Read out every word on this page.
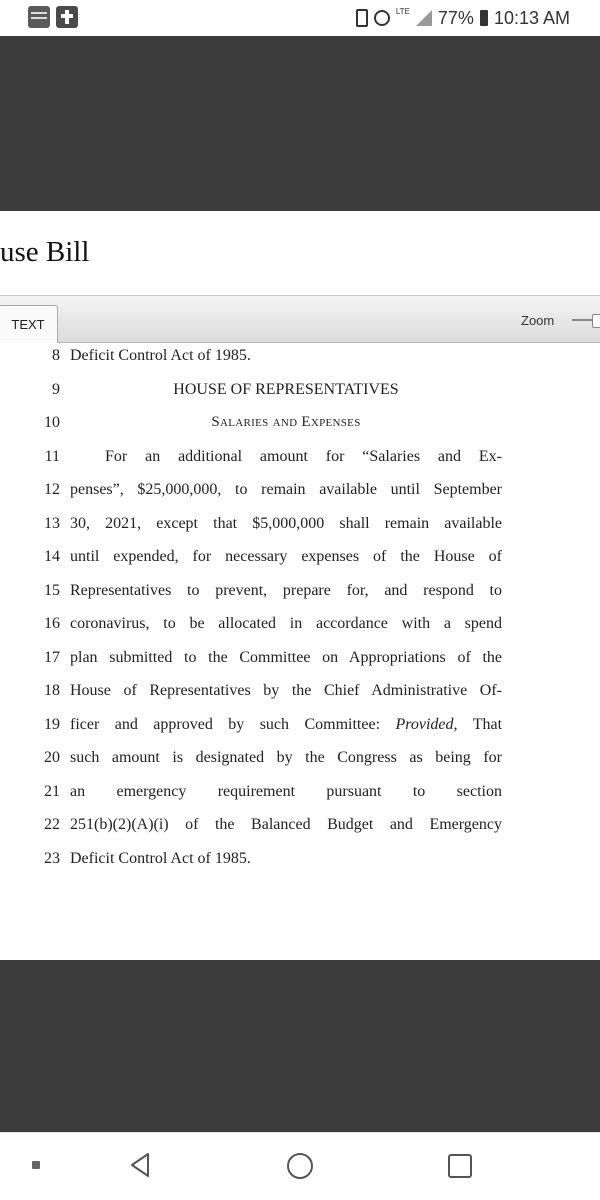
LTE 77% 10:13 AM
use Bill
TEXT	Zoom
8 Deficit Control Act of 1985.
9	HOUSE OF REPRESENTATIVES
10	Salaries and Expenses
11	For an additional amount for “Salaries and Ex-
12 penses”, $25,000,000, to remain available until September
13 30, 2021, except that $5,000,000 shall remain available
14 until expended, for necessary expenses of the House of
15 Representatives to prevent, prepare for, and respond to
16 coronavirus, to be allocated in accordance with a spend
17 plan submitted to the Committee on Appropriations of the
18 House of Representatives by the Chief Administrative Of-
19 ficer and approved by such Committee: Provided, That
20 such amount is designated by the Congress as being for
21 an emergency requirement pursuant to section
22 251(b)(2)(A)(i) of the Balanced Budget and Emergency
23 Deficit Control Act of 1985.
